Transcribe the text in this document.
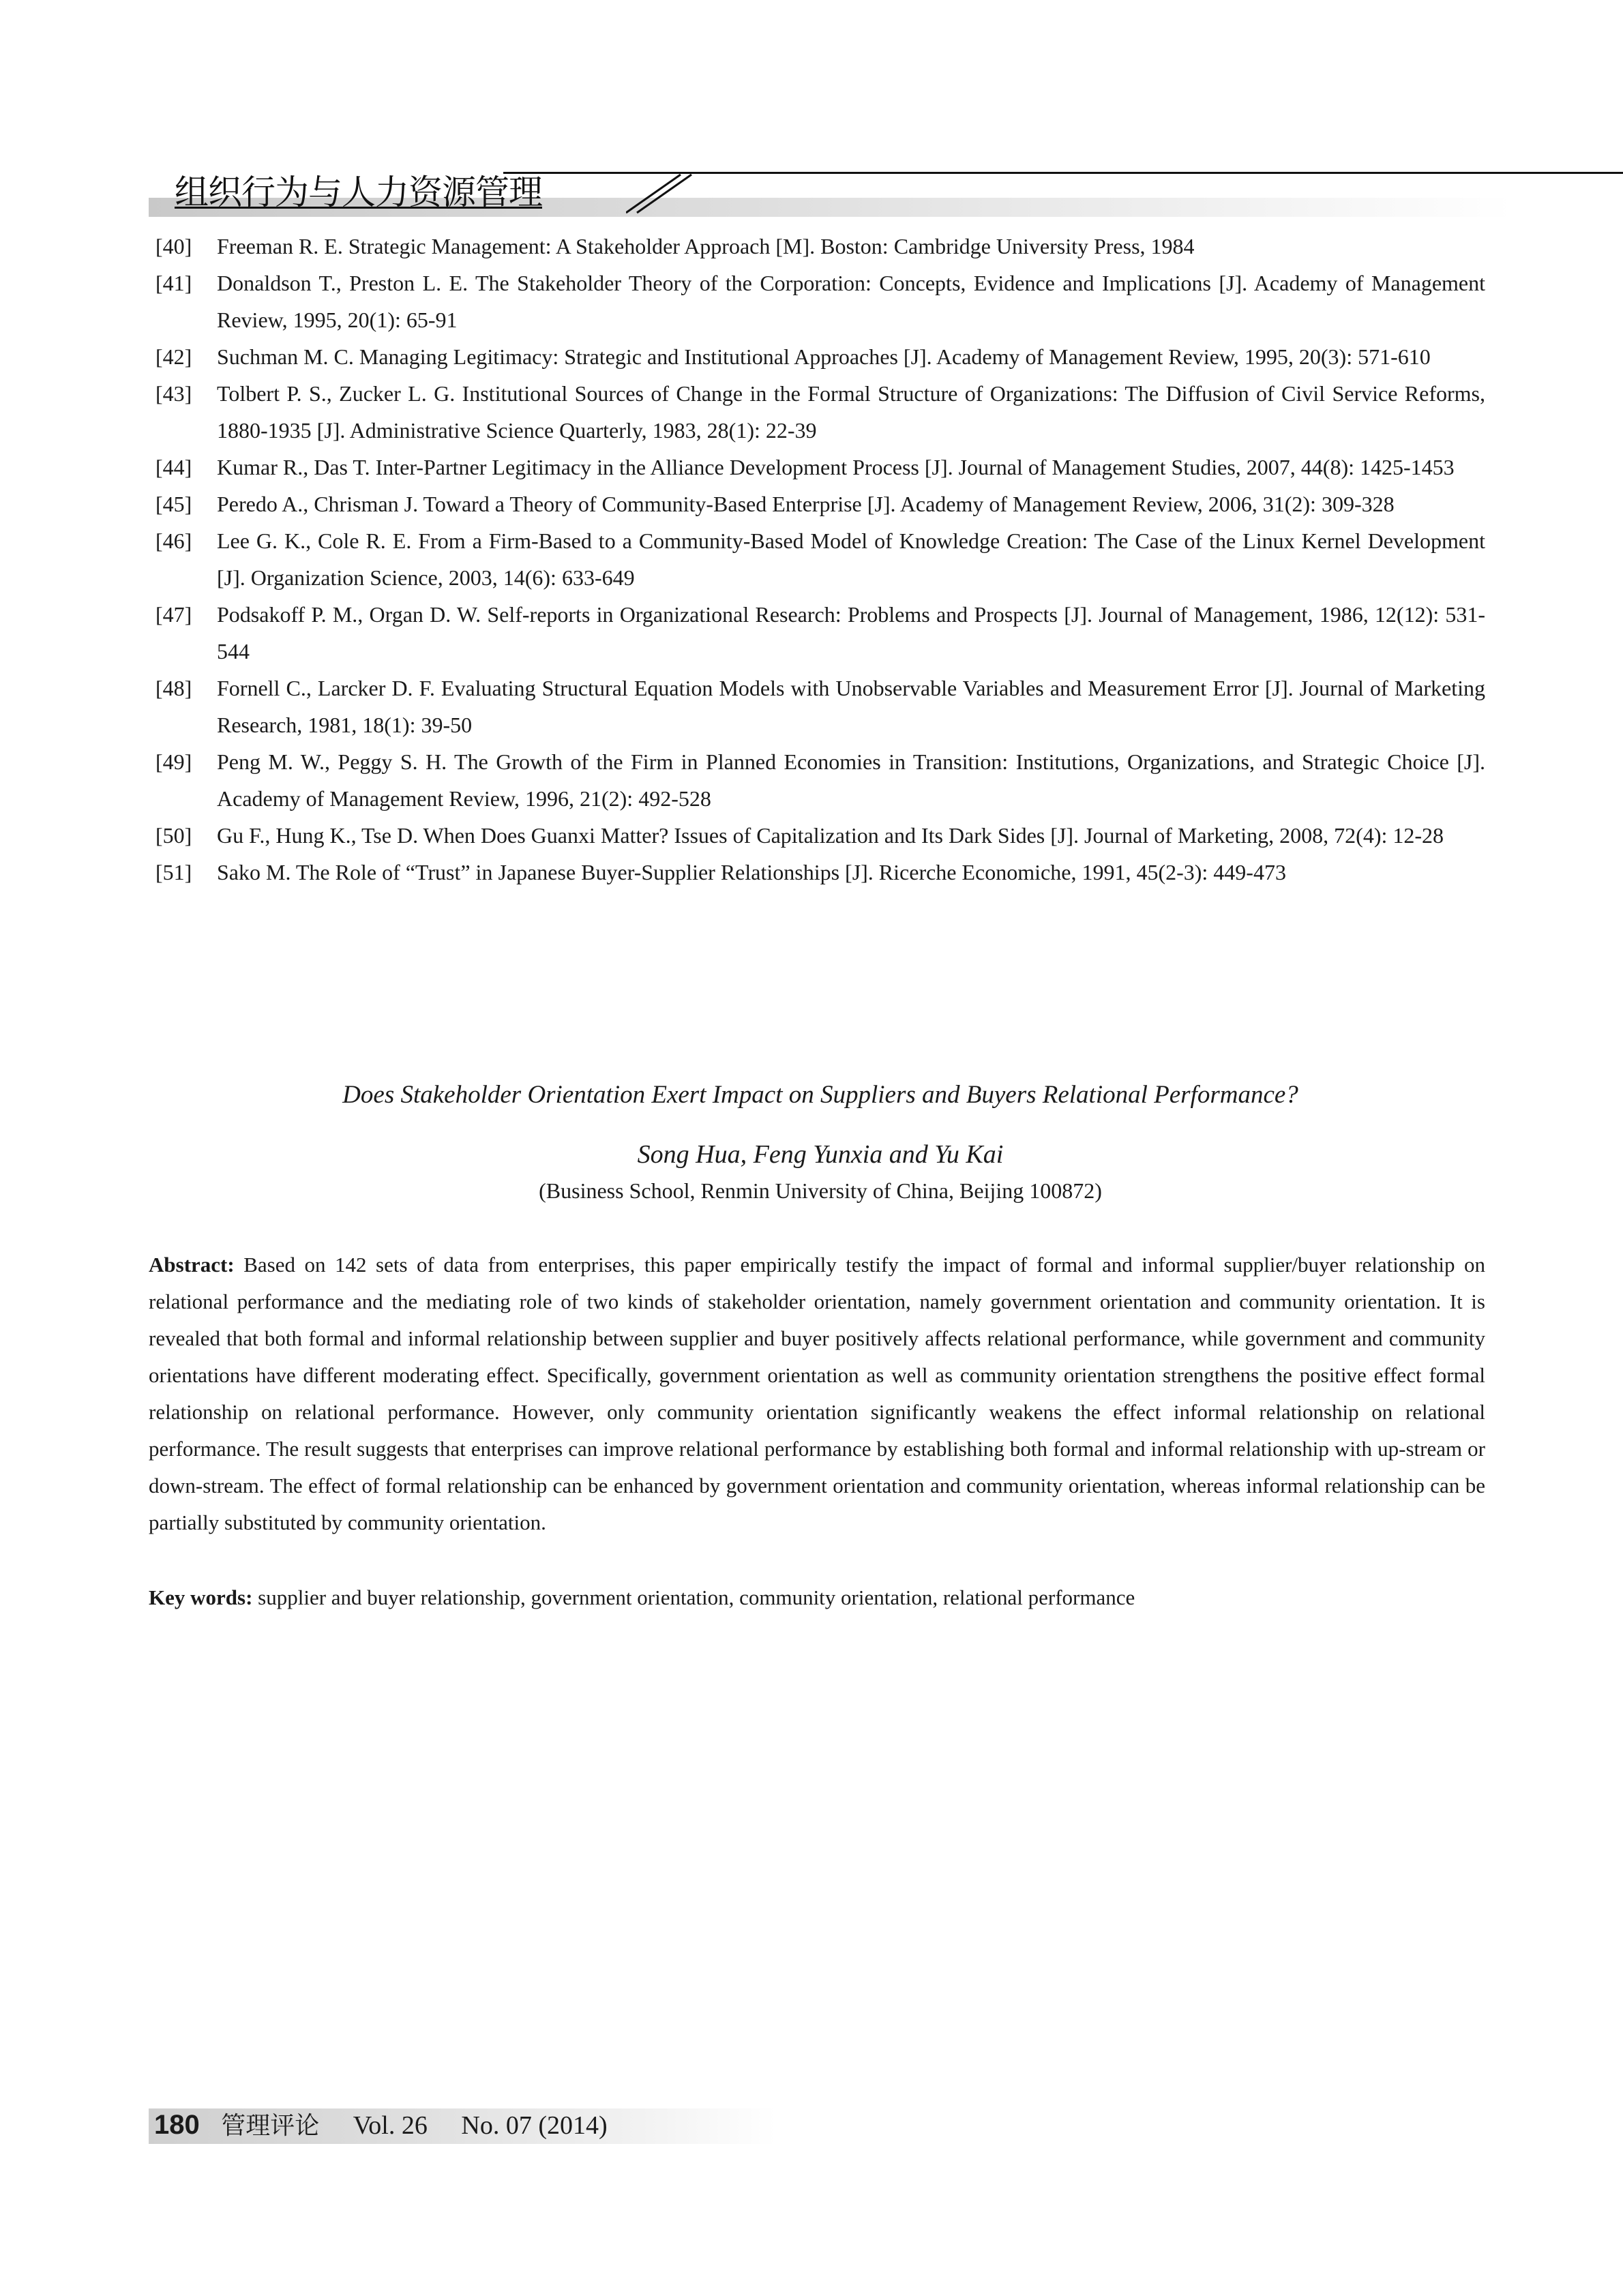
组织行为与人力资源管理
[40]	Freeman R. E. Strategic Management: A Stakeholder Approach [M]. Boston: Cambridge University Press, 1984
[41]	Donaldson T., Preston L. E. The Stakeholder Theory of the Corporation: Concepts, Evidence and Implications [J]. Academy of Management Review, 1995, 20(1): 65-91
[42]	Suchman M. C. Managing Legitimacy: Strategic and Institutional Approaches [J]. Academy of Management Review, 1995, 20(3): 571-610
[43]	Tolbert P. S., Zucker L. G. Institutional Sources of Change in the Formal Structure of Organizations: The Diffusion of Civil Service Reforms, 1880-1935 [J]. Administrative Science Quarterly, 1983, 28(1): 22-39
[44]	Kumar R., Das T. Inter-Partner Legitimacy in the Alliance Development Process [J]. Journal of Management Studies, 2007, 44(8): 1425-1453
[45]	Peredo A., Chrisman J. Toward a Theory of Community-Based Enterprise [J]. Academy of Management Review, 2006, 31(2): 309-328
[46]	Lee G. K., Cole R. E. From a Firm-Based to a Community-Based Model of Knowledge Creation: The Case of the Linux Kernel Development [J]. Organization Science, 2003, 14(6): 633-649
[47]	Podsakoff P. M., Organ D. W. Self-reports in Organizational Research: Problems and Prospects [J]. Journal of Management, 1986, 12(12): 531-544
[48]	Fornell C., Larcker D. F. Evaluating Structural Equation Models with Unobservable Variables and Measurement Error [J]. Journal of Marketing Research, 1981, 18(1): 39-50
[49]	Peng M. W., Peggy S. H. The Growth of the Firm in Planned Economies in Transition: Institutions, Organizations, and Strategic Choice [J]. Academy of Management Review, 1996, 21(2): 492-528
[50]	Gu F., Hung K., Tse D. When Does Guanxi Matter? Issues of Capitalization and Its Dark Sides [J]. Journal of Marketing, 2008, 72(4): 12-28
[51]	Sako M. The Role of “Trust” in Japanese Buyer-Supplier Relationships [J]. Ricerche Economiche, 1991, 45(2-3): 449-473
Does Stakeholder Orientation Exert Impact on Suppliers and Buyers Relational Performance?
Song Hua, Feng Yunxia and Yu Kai
(Business School, Renmin University of China, Beijing 100872)
Abstract: Based on 142 sets of data from enterprises, this paper empirically testify the impact of formal and informal supplier/buyer relationship on relational performance and the mediating role of two kinds of stakeholder orientation, namely government orientation and community orientation. It is revealed that both formal and informal relationship between supplier and buyer positively affects relational performance, while government and community orientations have different moderating effect. Specifically, government orientation as well as community orientation strengthens the positive effect formal relationship on relational performance. However, only community orientation significantly weakens the effect informal relationship on relational performance. The result suggests that enterprises can improve relational performance by establishing both formal and informal relationship with up-stream or down-stream. The effect of formal relationship can be enhanced by government orientation and community orientation, whereas informal relationship can be partially substituted by community orientation.
Key words: supplier and buyer relationship, government orientation, community orientation, relational performance
180 管理评论 Vol. 26 No. 07 (2014)
